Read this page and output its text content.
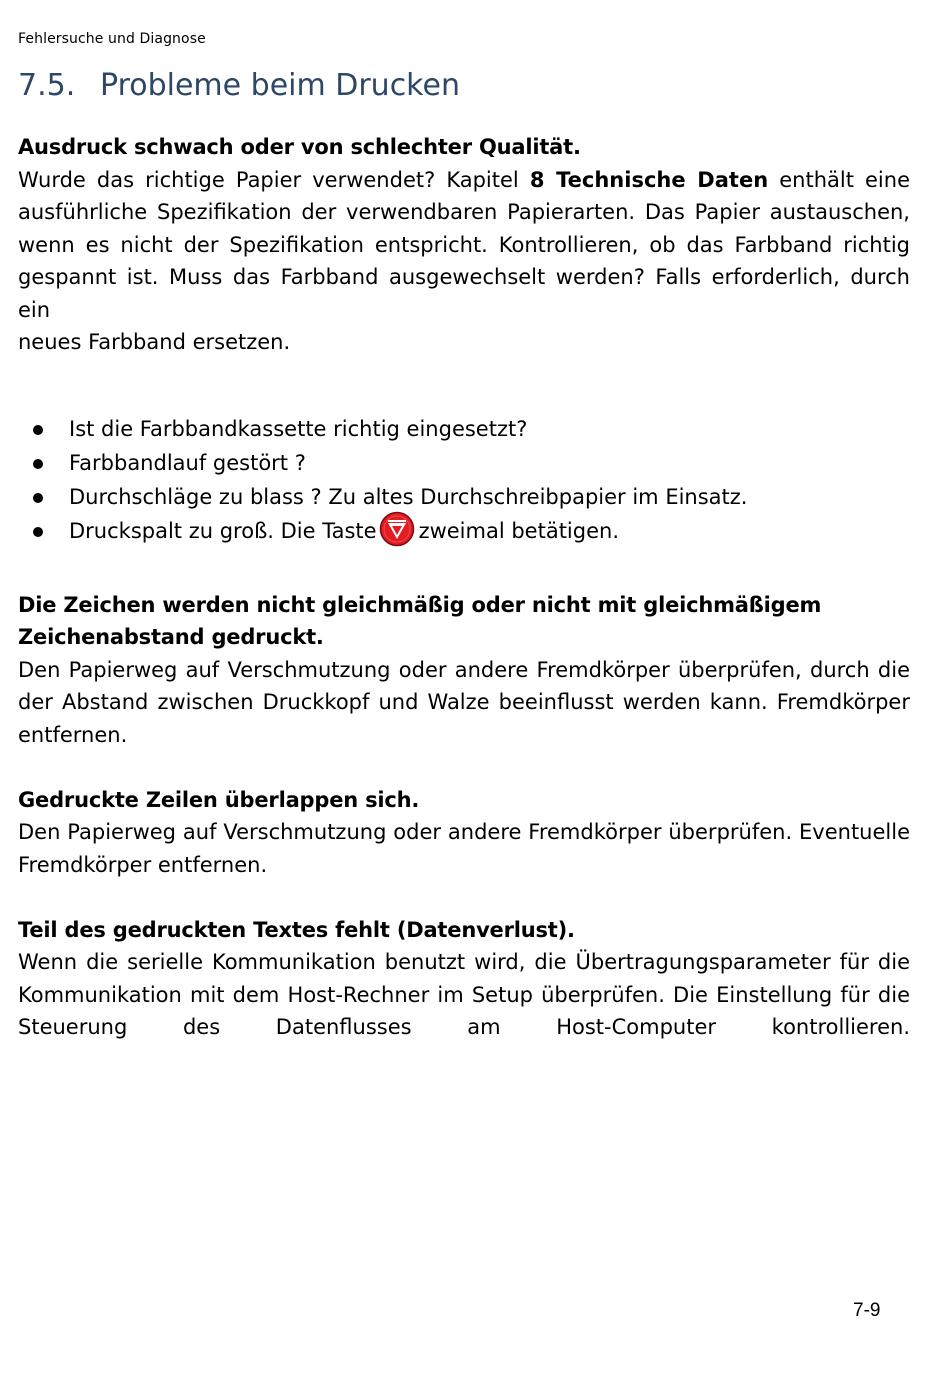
Fehlersuche und Diagnose
7.5. Probleme beim Drucken
Ausdruck schwach oder von schlechter Qualität.

Wurde das richtige Papier verwendet? Kapitel 8 Technische Daten enthält eine ausführliche Spezifikation der verwendbaren Papierarten. Das Papier austauschen, wenn es nicht der Spezifikation entspricht. Kontrollieren, ob das Farbband richtig gespannt ist. Muss das Farbband ausgewechselt werden? Falls erforderlich, durch ein

neues Farbband ersetzen.

Ist die Farbbandkassette richtig eingesetzt?
Farbbandlauf gestört ?
Durchschläge zu blass ? Zu altes Durchschreibpapier im Einsatz.
Druckspalt zu groß. Die Taste zweimal betätigen.
Die Zeichen werden nicht gleichmäßig oder nicht mit gleichmäßigem Zeichenabstand gedruckt.

Den Papierweg auf Verschmutzung oder andere Fremdkörper überprüfen, durch die der Abstand zwischen Druckkopf und Walze beeinflusst werden kann. Fremdkörper entfernen.

Gedruckte Zeilen überlappen sich.

Den Papierweg auf Verschmutzung oder andere Fremdkörper überprüfen. Eventuelle Fremdkörper entfernen.

Teil des gedruckten Textes fehlt (Datenverlust).

Wenn die serielle Kommunikation benutzt wird, die Übertragungsparameter für die Kommunikation mit dem Host-Rechner im Setup überprüfen. Die Einstellung für die Steuerung des Datenflusses am Host-Computer kontrollieren.

7-9
